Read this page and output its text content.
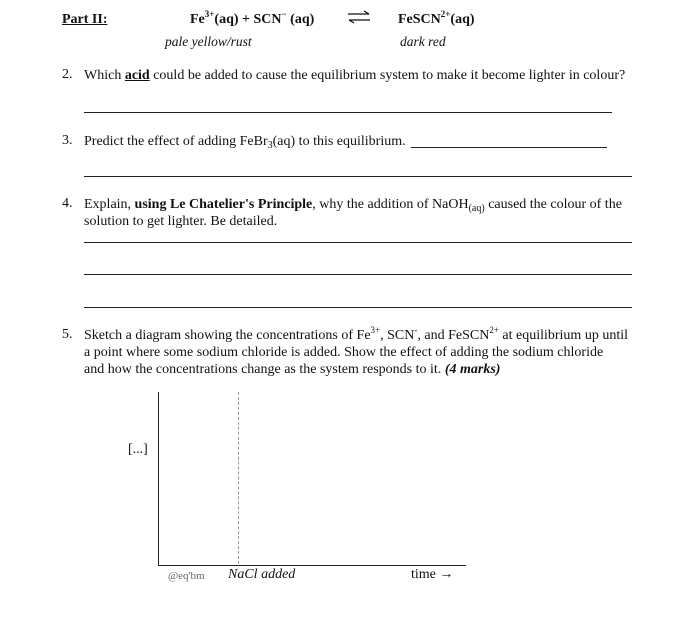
Part II:	$Fe^{3+}(aq) + SCN^-$ (aq)	FeSCN$^{2+}$(aq)
pale yellow/rust	dark red
2. Which acid could be added to cause the equilibrium system to make it become lighter in colour?
3. Predict the effect of adding FeBr$_3$(aq) to this equilibrium.
4. Explain, using Le Chatelier's Principle, why the addition of NaOH$_{(aq)}$ caused the colour of the
solution to get lighter. Be detailed.
5. Sketch a diagram showing the concentrations of $Fe^{3+}$, SCN-, and FeSCN$^{2+}$ at equilibrium up until
a point where some sodium chloride is added. Show the effect of adding the sodium chloride
and how the concentrations change as the system responds to it. (4 marks)
[...]
@eq'bm NaCl added	time →
